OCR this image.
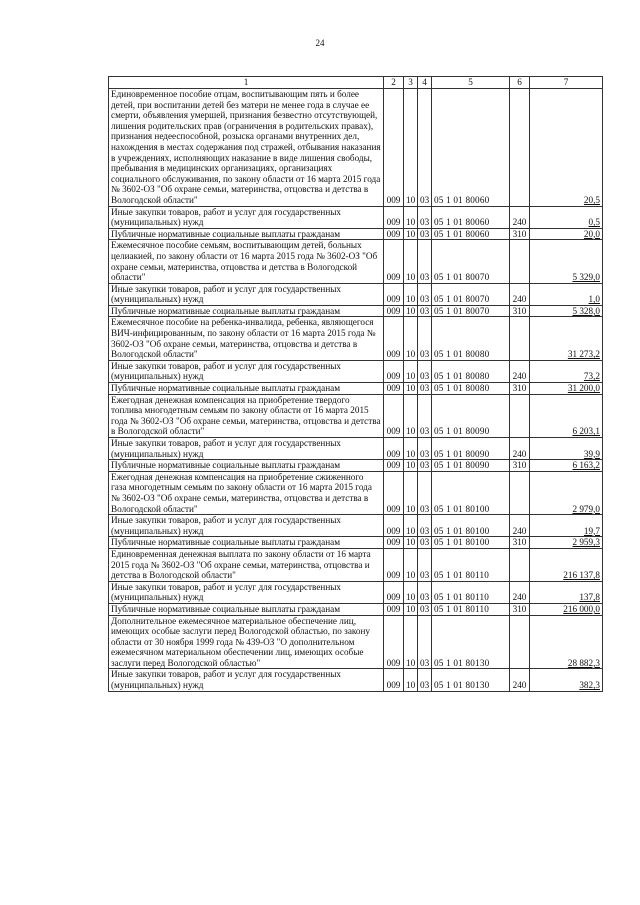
24
1	2	3	4	5	6	7
Единовременное пособие отцам, воспитывающим пять и более детей, при воспитании детей без матери не менее года в случае ее смерти, объявления умершей, признания безвестно отсутствующей, лишения родительских прав (ограничения в родительских правах), признания недееспособной, розыска органами внутренних дел, нахождения в местах содержания под стражей, отбывания наказания в учреждениях, исполняющих наказание в виде лишения свободы, пребывания в медицинских организациях, организациях социального обслуживания, по закону области от 16 марта 2015 года № 3602-ОЗ "Об охране семьи, материнства, отцовства и детства в Вологодской области"	009	10	03	05 1 01 80060		20,5
Иные закупки товаров, работ и услуг для государственных (муниципальных) нужд	009	10	03	05 1 01 80060	240	0,5
Публичные нормативные социальные выплаты гражданам	009	10	03	05 1 01 80060	310	20,0
Ежемесячное пособие семьям, воспитывающим детей, больных целиакией, по закону области от 16 марта 2015 года № 3602-ОЗ "Об охране семьи, материнства, отцовства и детства в Вологодской области"	009	10	03	05 1 01 80070		5 329,0
Иные закупки товаров, работ и услуг для государственных (муниципальных) нужд	009	10	03	05 1 01 80070	240	1,0
Публичные нормативные социальные выплаты гражданам	009	10	03	05 1 01 80070	310	5 328,0
Ежемесячное пособие на ребенка-инвалида, ребенка, являющегося ВИЧ-инфицированным, по закону области от 16 марта 2015 года № 3602-ОЗ "Об охране семьи, материнства, отцовства и детства в Вологодской области"	009	10	03	05 1 01 80080		31 273,2
Иные закупки товаров, работ и услуг для государственных (муниципальных) нужд	009	10	03	05 1 01 80080	240	73,2
Публичные нормативные социальные выплаты гражданам	009	10	03	05 1 01 80080	310	31 200,0
Ежегодная денежная компенсация на приобретение твердого топлива многодетным семьям по закону области от 16 марта 2015 года № 3602-ОЗ "Об охране семьи, материнства, отцовства и детства в Вологодской области"	009	10	03	05 1 01 80090		6 203,1
Иные закупки товаров, работ и услуг для государственных (муниципальных) нужд	009	10	03	05 1 01 80090	240	39,9
Публичные нормативные социальные выплаты гражданам	009	10	03	05 1 01 80090	310	6 163,2
Ежегодная денежная компенсация на приобретение сжиженного газа многодетным семьям по закону области от 16 марта 2015 года № 3602-ОЗ "Об охране семьи, материнства, отцовства и детства в Вологодской области"	009	10	03	05 1 01 80100		2 979,0
Иные закупки товаров, работ и услуг для государственных (муниципальных) нужд	009	10	03	05 1 01 80100	240	19,7
Публичные нормативные социальные выплаты гражданам	009	10	03	05 1 01 80100	310	2 959,3
Единовременная денежная выплата по закону области от 16 марта 2015 года № 3602-ОЗ "Об охране семьи, материнства, отцовства и детства в Вологодской области"	009	10	03	05 1 01 80110		216 137,8
Иные закупки товаров, работ и услуг для государственных (муниципальных) нужд	009	10	03	05 1 01 80110	240	137,8
Публичные нормативные социальные выплаты гражданам	009	10	03	05 1 01 80110	310	216 000,0
Дополнительное ежемесячное материальное обеспечение лиц, имеющих особые заслуги перед Вологодской областью, по закону области от 30 ноября 1999 года № 439-ОЗ "О дополнительном ежемесячном материальном обеспечении лиц, имеющих особые заслуги перед Вологодской областью"	009	10	03	05 1 01 80130		28 882,3
Иные закупки товаров, работ и услуг для государственных (муниципальных) нужд	009	10	03	05 1 01 80130	240	382,3
